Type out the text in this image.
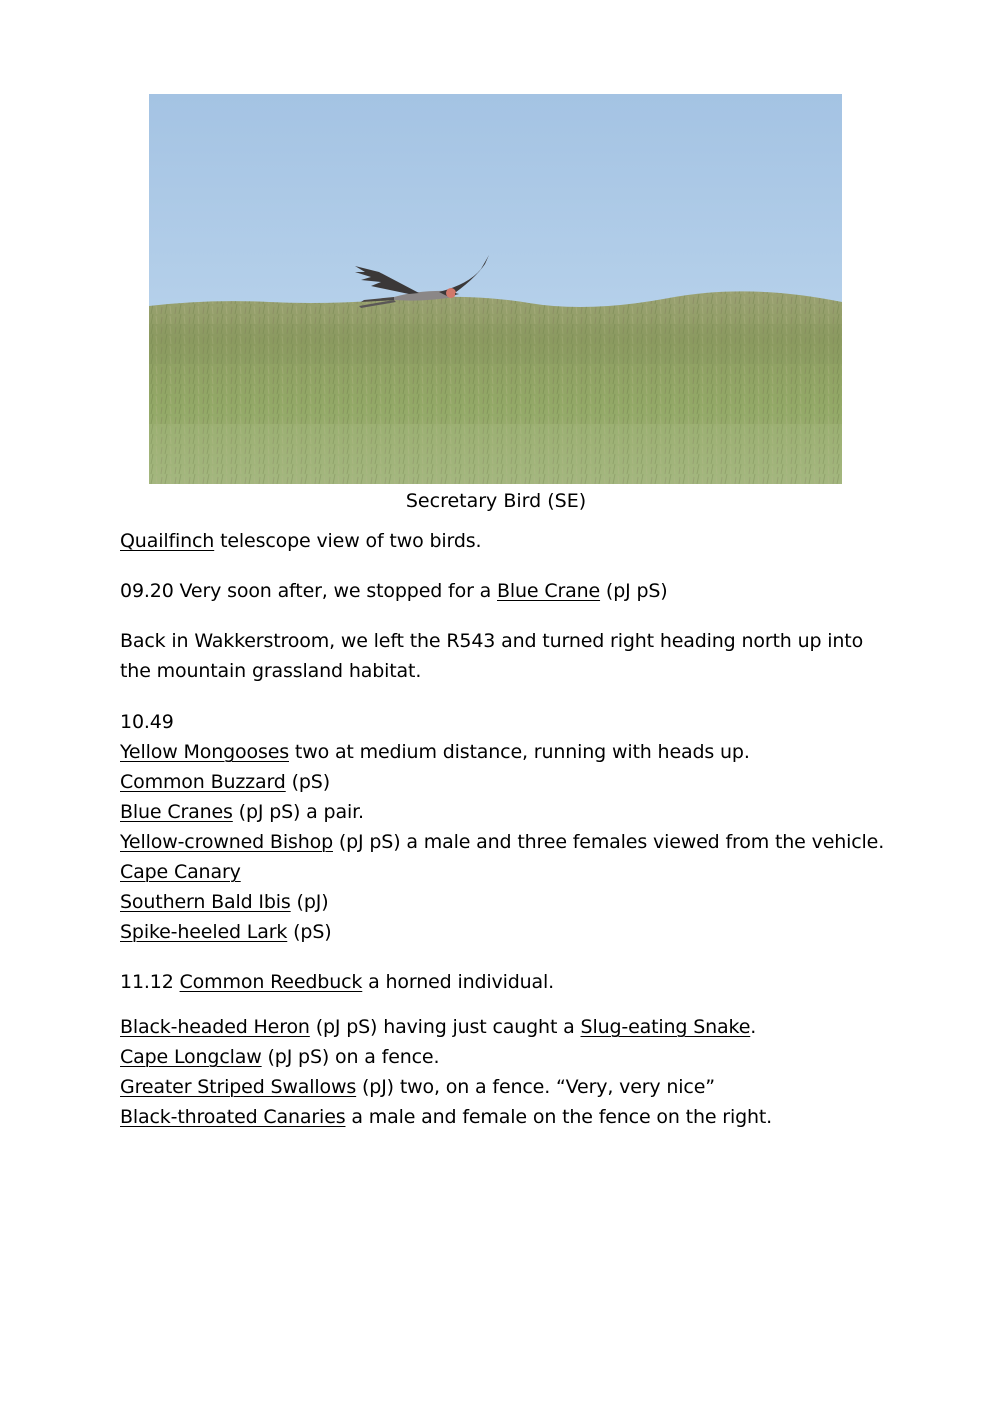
Secretary Bird (SE)
Quailfinch telescope view of two birds.
09.20 Very soon after, we stopped for a Blue Crane (pJ pS)
Back in Wakkerstroom, we left the R543 and turned right heading north up into
the mountain grassland habitat.
10.49
Yellow Mongooses two at medium distance, running with heads up.
Common Buzzard (pS)
Blue Cranes (pJ pS) a pair.
Yellow-crowned Bishop (pJ pS) a male and three females viewed from the vehicle.
Cape Canary
Southern Bald Ibis (pJ)
Spike-heeled Lark (pS)
11.12 Common Reedbuck a horned individual.
Black-headed Heron (pJ pS) having just caught a Slug-eating Snake.
Cape Longclaw (pJ pS) on a fence.
Greater Striped Swallows (pJ) two, on a fence. “Very, very nice”
Black-throated Canaries a male and female on the fence on the right.
